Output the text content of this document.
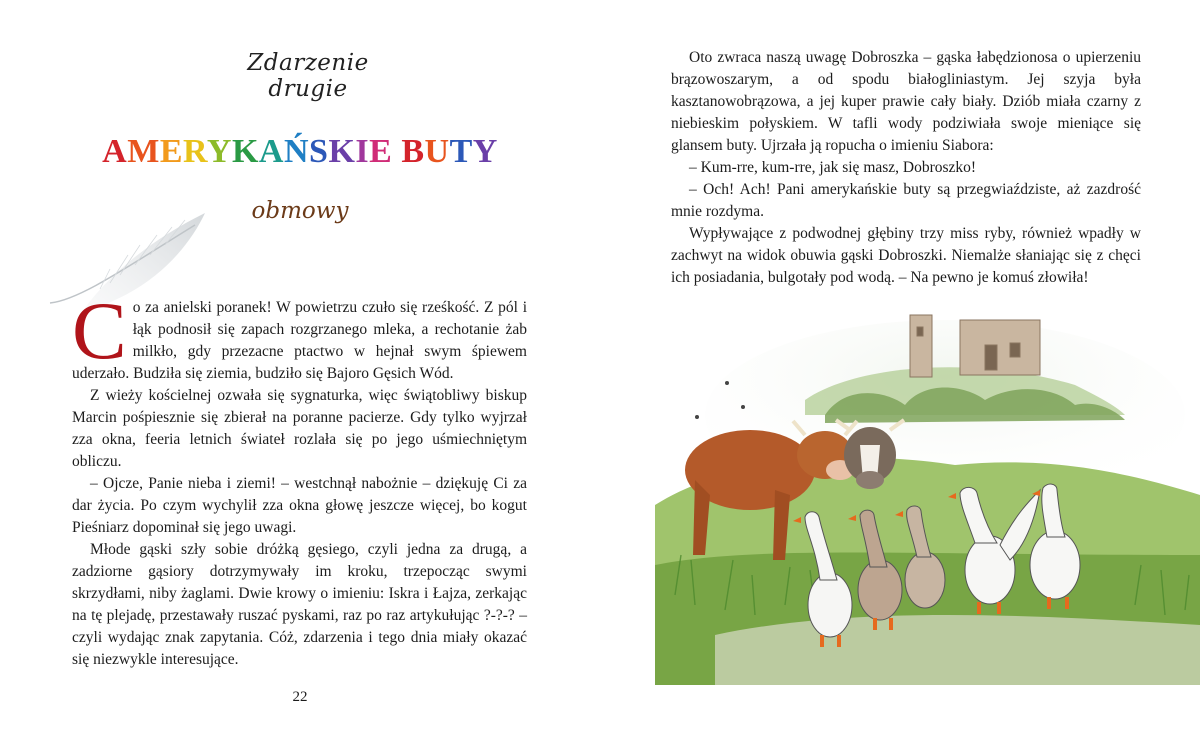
Zdarzenie drugie
AMERYKAŃSKIE BUTY
obmowy

Co za anielski poranek! W powietrzu czuło się rześkość. Z pól i łąk podnosił się zapach rozgrzanego mleka, a rechotanie żab milkło, gdy przezacne ptactwo w hejnał swym śpiewem uderzało. Budziła się ziemia, budziło się Bajoro Gęsich Wód.

Z wieży kościelnej ozwała się sygnaturka, więc świątobliwy biskup Marcin pośpiesznie się zbierał na poranne pacierze. Gdy tylko wyjrzał zza okna, feeria letnich świateł rozlała się po jego uśmiechniętym obliczu.

– Ojcze, Panie nieba i ziemi! – westchnął nabożnie – dziękuję Ci za dar życia. Po czym wychylił zza okna głowę jeszcze więcej, bo kogut Pieśniarz dopominał się jego uwagi.

Młode gąski szły sobie dróżką gęsiego, czyli jedna za drugą, a zadziorne gąsiory dotrzymywały im kroku, trzepocząc swymi skrzydłami, niby żaglami. Dwie krowy o imieniu: Iskra i Łajza, zerkając na tę plejadę, przestawały ruszać pyskami, raz po raz artykułując ?-?-? – czyli wydając znak zapytania. Cóż, zdarzenia i tego dnia miały okazać się niezwykle interesujące.

22

Oto zwraca naszą uwagę Dobroszka – gąska łabędzionosa o upierzeniu brązowoszarym, a od spodu białogliniastym. Jej szyja była kasztanowobrązowa, a jej kuper prawie cały biały. Dziób miała czarny z niebieskim połyskiem. W tafli wody podziwiała swoje mieniące się glansem buty. Ujrzała ją ropucha o imieniu Siabora:

– Kum-rre, kum-rre, jak się masz, Dobroszko!

– Och! Ach! Pani amerykańskie buty są przegwiaździste, aż zazdrość mnie rozdyma.

Wypływające z podwodnej głębiny trzy miss ryby, również wpadły w zachwyt na widok obuwia gąski Dobroszki. Niemalże słaniając się z chęci ich posiadania, bulgotały pod wodą. – Na pewno je komuś złowiła!
